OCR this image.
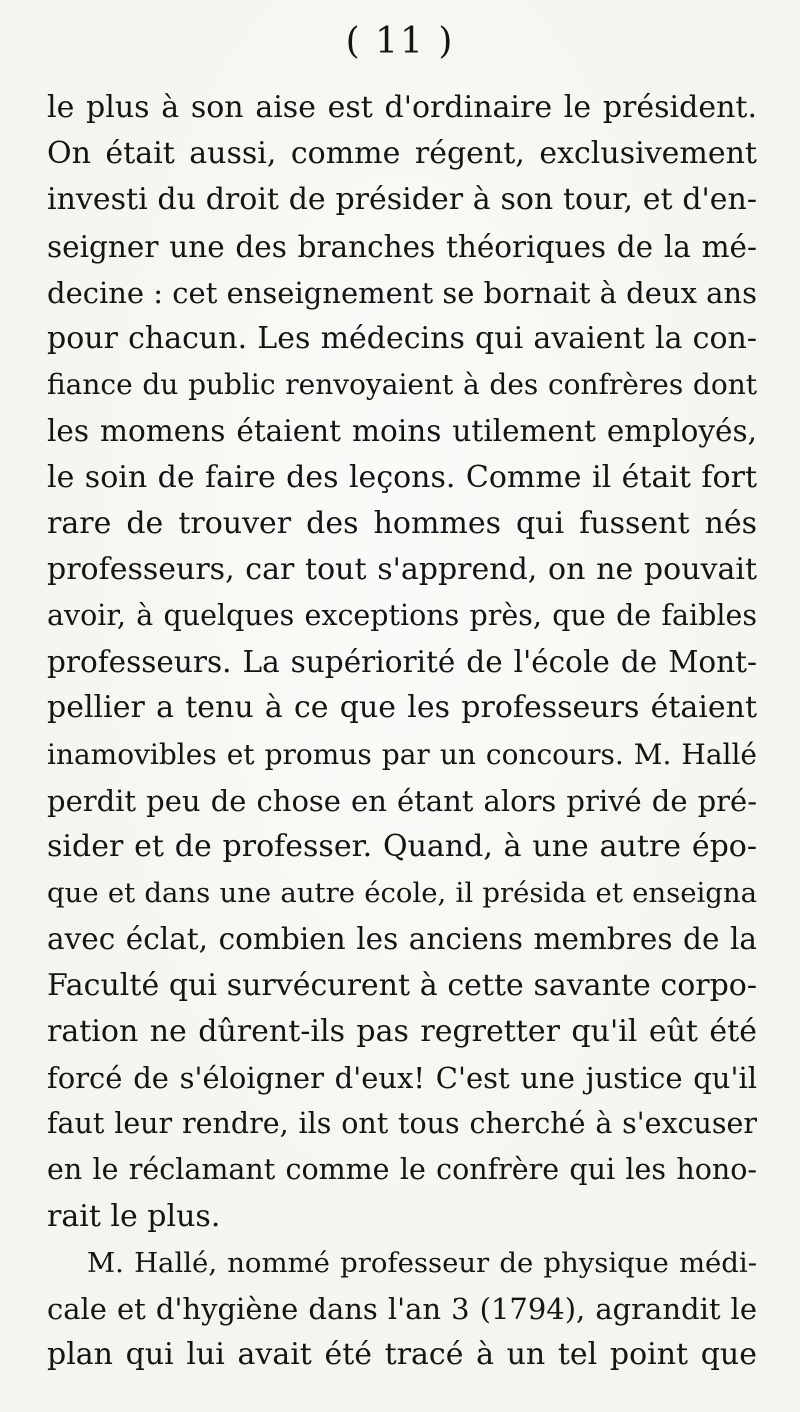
( 11 )
le plus à son aise est d'ordinaire le président.
On était aussi, comme régent, exclusivement
investi du droit de présider à son tour, et d'en-
seigner une des branches théoriques de la mé-
decine : cet enseignement se bornait à deux ans
pour chacun. Les médecins qui avaient la con-
fiance du public renvoyaient à des confrères dont
les momens étaient moins utilement employés,
le soin de faire des leçons. Comme il était fort
rare de trouver des hommes qui fussent nés
professeurs, car tout s'apprend, on ne pouvait
avoir, à quelques exceptions près, que de faibles
professeurs. La supériorité de l'école de Mont-
pellier a tenu à ce que les professeurs étaient
inamovibles et promus par un concours. M. Hallé
perdit peu de chose en étant alors privé de pré-
sider et de professer. Quand, à une autre épo-
que et dans une autre école, il présida et enseigna
avec éclat, combien les anciens membres de la
Faculté qui survécurent à cette savante corpo-
ration ne dûrent-ils pas regretter qu'il eût été
forcé de s'éloigner d'eux! C'est une justice qu'il
faut leur rendre, ils ont tous cherché à s'excuser
en le réclamant comme le confrère qui les hono-
rait le plus.
M. Hallé, nommé professeur de physique médi-
cale et d'hygiène dans l'an 3 (1794), agrandit le
plan qui lui avait été tracé à un tel point que
